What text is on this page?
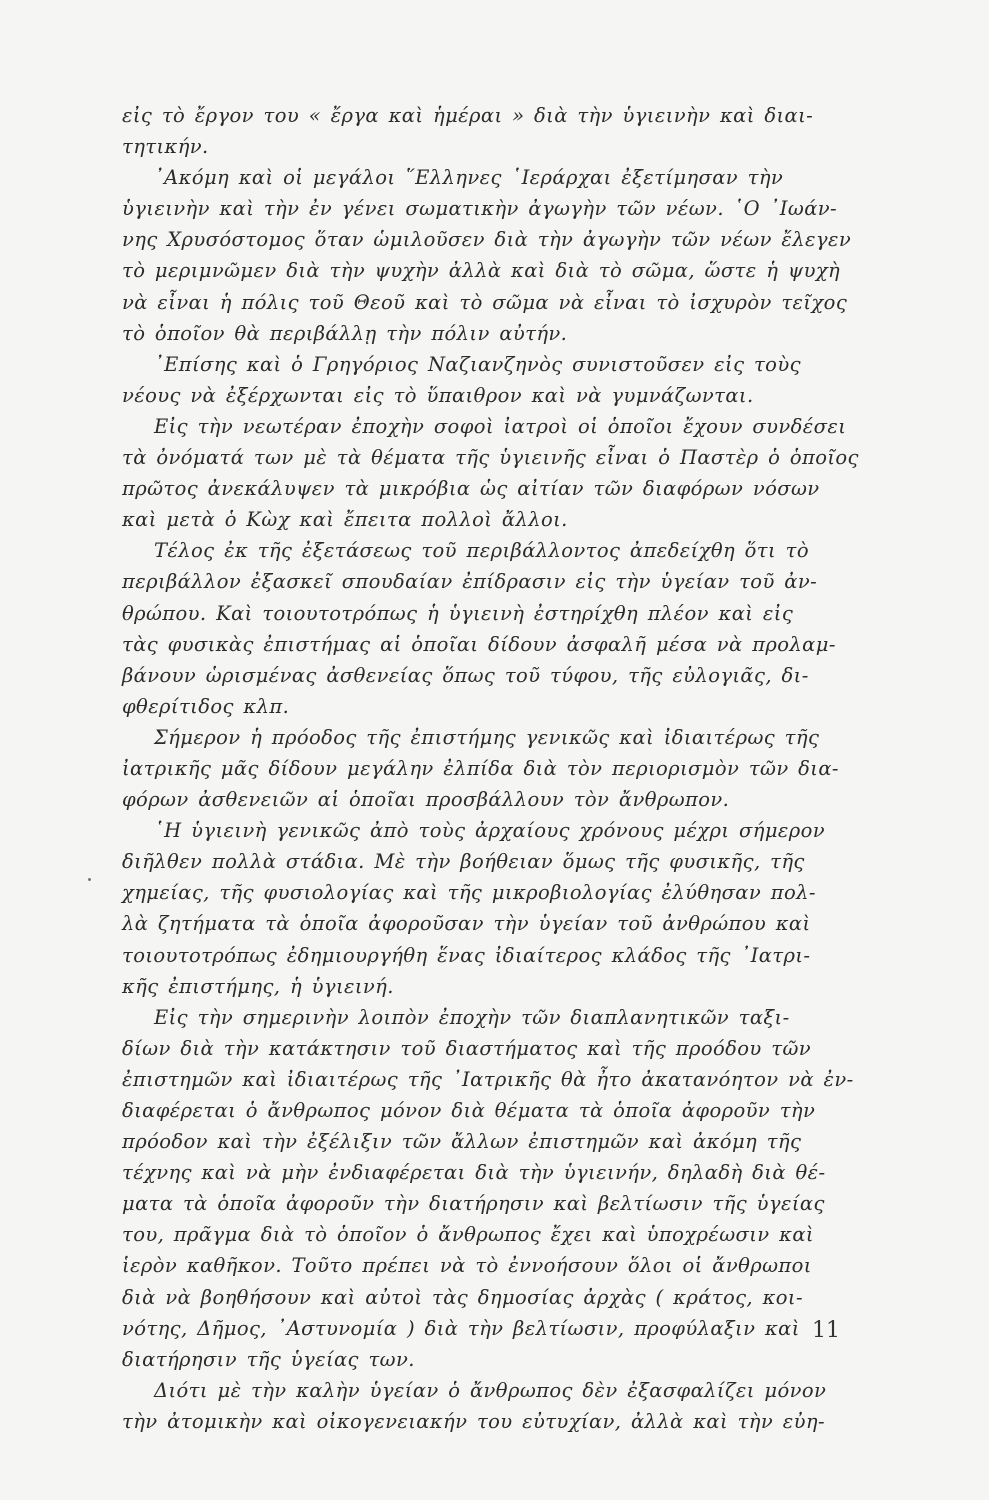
εἰς τὸ ἔργον του « ἔργα καὶ ἡμέραι » διὰ τὴν ὑγιεινὴν καὶ διαι-
τητικήν.
᾿Ακόμη καὶ οἱ μεγάλοι ῞Ελληνες ῾Ιεράρχαι ἐξετίμησαν τὴν
ὑγιεινὴν καὶ τὴν ἐν γένει σωματικὴν ἀγωγὴν τῶν νέων. ῾Ο ᾿Ιωάν-
νης Χρυσόστομος ὅταν ὡμιλοῦσεν διὰ τὴν ἀγωγὴν τῶν νέων ἔλεγεν
τὸ μεριμνῶμεν διὰ τὴν ψυχὴν ἀλλὰ καὶ διὰ τὸ σῶμα, ὥστε ἡ ψυχὴ
νὰ εἶναι ἡ πόλις τοῦ Θεοῦ καὶ τὸ σῶμα νὰ εἶναι τὸ ἰσχυρὸν τεῖχος
τὸ ὁποῖον θὰ περιβάλλῃ τὴν πόλιν αὐτήν.
᾿Επίσης καὶ ὁ Γρηγόριος Ναζιανζηνὸς συνιστοῦσεν εἰς τοὺς
νέους νὰ ἐξέρχωνται εἰς τὸ ὕπαιθρον καὶ νὰ γυμνάζωνται.
Εἰς τὴν νεωτέραν ἐποχὴν σοφοὶ ἰατροὶ οἱ ὁποῖοι ἔχουν συνδέσει
τὰ ὀνόματά των μὲ τὰ θέματα τῆς ὑγιεινῆς εἶναι ὁ Παστὲρ ὁ ὁποῖος
πρῶτος ἀνεκάλυψεν τὰ μικρόβια ὡς αἰτίαν τῶν διαφόρων νόσων
καὶ μετὰ ὁ Κὼχ καὶ ἔπειτα πολλοὶ ἄλλοι.
Τέλος ἐκ τῆς ἐξετάσεως τοῦ περιβάλλοντος ἀπεδείχθη ὅτι τὸ
περιβάλλον ἐξασκεῖ σπουδαίαν ἐπίδρασιν εἰς τὴν ὑγείαν τοῦ ἀν-
θρώπου. Καὶ τοιουτοτρόπως ἡ ὑγιεινὴ ἐστηρίχθη πλέον καὶ εἰς
τὰς φυσικὰς ἐπιστήμας αἱ ὁποῖαι δίδουν ἀσφαλῆ μέσα νὰ προλαμ-
βάνουν ὡρισμένας ἀσθενείας ὅπως τοῦ τύφου, τῆς εὐλογιᾶς, δι-
φθερίτιδος κλπ.
Σήμερον ἡ πρόοδος τῆς ἐπιστήμης γενικῶς καὶ ἰδιαιτέρως τῆς
ἰατρικῆς μᾶς δίδουν μεγάλην ἐλπίδα διὰ τὸν περιορισμὸν τῶν δια-
φόρων ἀσθενειῶν αἱ ὁποῖαι προσβάλλουν τὸν ἄνθρωπον.
῾Η ὑγιεινὴ γενικῶς ἀπὸ τοὺς ἀρχαίους χρόνους μέχρι σήμερον
διῆλθεν πολλὰ στάδια. Μὲ τὴν βοήθειαν ὅμως τῆς φυσικῆς, τῆς
χημείας, τῆς φυσιολογίας καὶ τῆς μικροβιολογίας ἐλύθησαν πολ-
λὰ ζητήματα τὰ ὁποῖα ἀφοροῦσαν τὴν ὑγείαν τοῦ ἀνθρώπου καὶ
τοιουτοτρόπως ἐδημιουργήθη ἕνας ἰδιαίτερος κλάδος τῆς ᾿Ιατρι-
κῆς ἐπιστήμης, ἡ ὑγιεινή.
Εἰς τὴν σημερινὴν λοιπὸν ἐποχὴν τῶν διαπλανητικῶν ταξι-
δίων διὰ τὴν κατάκτησιν τοῦ διαστήματος καὶ τῆς προόδου τῶν
ἐπιστημῶν καὶ ἰδιαιτέρως τῆς ᾿Ιατρικῆς θὰ ἦτο ἀκατανόητον νὰ ἐν-
διαφέρεται ὁ ἄνθρωπος μόνον διὰ θέματα τὰ ὁποῖα ἀφοροῦν τὴν
πρόοδον καὶ τὴν ἐξέλιξιν τῶν ἄλλων ἐπιστημῶν καὶ ἀκόμη τῆς
τέχνης καὶ νὰ μὴν ἐνδιαφέρεται διὰ τὴν ὑγιεινήν, δηλαδὴ διὰ θέ-
ματα τὰ ὁποῖα ἀφοροῦν τὴν διατήρησιν καὶ βελτίωσιν τῆς ὑγείας
του, πρᾶγμα διὰ τὸ ὁποῖον ὁ ἄνθρωπος ἔχει καὶ ὑποχρέωσιν καὶ
ἱερὸν καθῆκον. Τοῦτο πρέπει νὰ τὸ ἐννοήσουν ὅλοι οἱ ἄνθρωποι
διὰ νὰ βοηθήσουν καὶ αὐτοὶ τὰς δημοσίας ἀρχὰς ( κράτος, κοι-
νότης, Δῆμος, ᾿Αστυνομία ) διὰ τὴν βελτίωσιν, προφύλαξιν καὶ
διατήρησιν τῆς ὑγείας των.
Διότι μὲ τὴν καλὴν ὑγείαν ὁ ἄνθρωπος δὲν ἐξασφαλίζει μόνον
τὴν ἀτομικὴν καὶ οἰκογενειακήν του εὐτυχίαν, ἀλλὰ καὶ τὴν εὐη-
11
